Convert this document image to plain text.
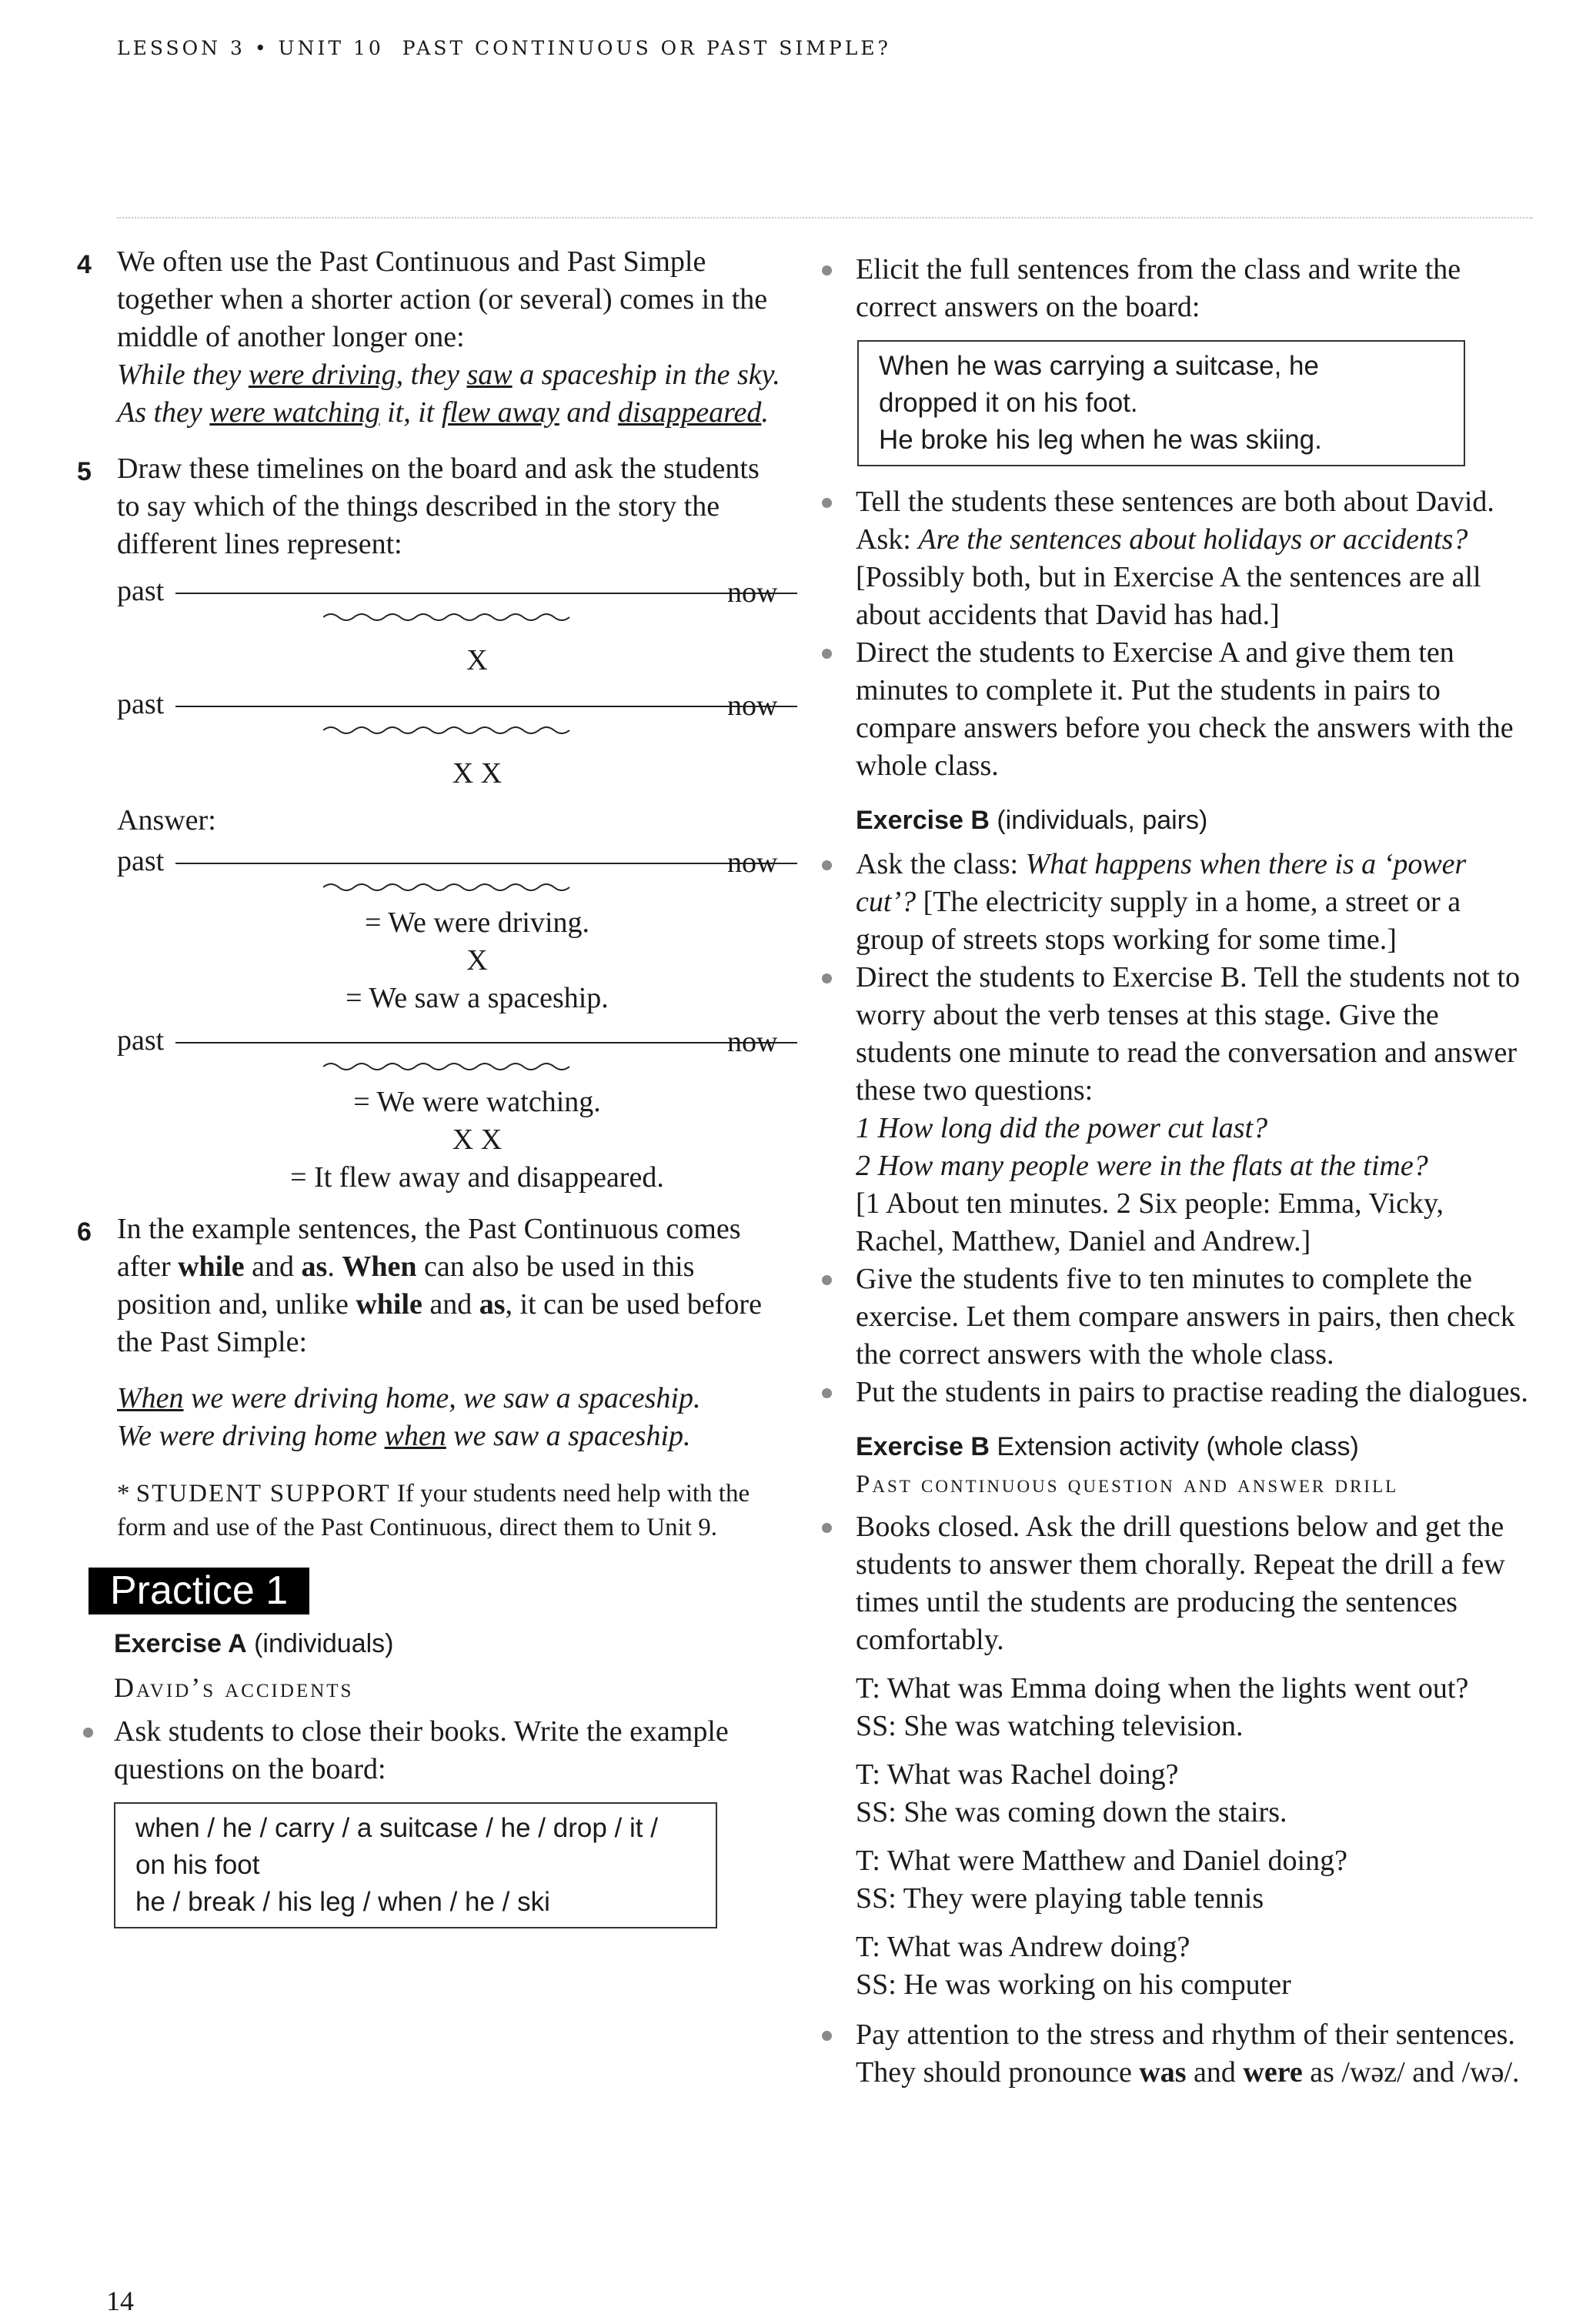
LESSON 3 • UNIT 10 PAST CONTINUOUS OR PAST SIMPLE?
4 We often use the Past Continuous and Past Simple together when a shorter action (or several) comes in the middle of another longer one:

While they were driving, they saw a spaceship in the sky.

As they were watching it, it flew away and disappeared.

5 Draw these timelines on the board and ask the students to say which of the things described in the story the different lines represent:

past	now
X
past	now
X X

Answer:

past	now
= We were driving.
X
= We saw a spaceship.
past	now
= We were watching.
X X
= It flew away and disappeared.
6 In the example sentences, the Past Continuous comes after while and as. When can also be used in this position and, unlike while and as, it can be used before the Past Simple:

When we were driving home, we saw a spaceship.

We were driving home when we saw a spaceship.

* STUDENT SUPPORT If your students need help with the form and use of the Past Continuous, direct them to Unit 9.

Practice 1
Exercise A (individuals)

David’s accidents

Ask students to close their books. Write the example questions on the board:

when / he / carry / a suitcase / he / drop / it /
on his foot
he / break / his leg / when / he / ski

Elicit the full sentences from the class and write the correct answers on the board:

When he was carrying a suitcase, he
dropped it on his foot.
He broke his leg when he was skiing.

Tell the students these sentences are both about David. Ask: Are the sentences about holidays or accidents? [Possibly both, but in Exercise A the sentences are all about accidents that David has had.]

Direct the students to Exercise A and give them ten minutes to complete it. Put the students in pairs to compare answers before you check the answers with the whole class.

Exercise B (individuals, pairs)

Ask the class: What happens when there is a ‘power cut’? [The electricity supply in a home, a street or a group of streets stops working for some time.]

Direct the students to Exercise B. Tell the students not to worry about the verb tenses at this stage. Give the students one minute to read the conversation and answer these two questions:

1 How long did the power cut last?

2 How many people were in the flats at the time?

[1 About ten minutes. 2 Six people: Emma, Vicky, Rachel, Matthew, Daniel and Andrew.]

Give the students five to ten minutes to complete the exercise. Let them compare answers in pairs, then check the correct answers with the whole class.

Put the students in pairs to practise reading the dialogues.

Exercise B Extension activity (whole class)

Past continuous question and answer drill

Books closed. Ask the drill questions below and get the students to answer them chorally. Repeat the drill a few times until the students are producing the sentences comfortably.

T: What was Emma doing when the lights went out?

SS: She was watching television.

T: What was Rachel doing?

SS: She was coming down the stairs.

T: What were Matthew and Daniel doing?

SS: They were playing table tennis

T: What was Andrew doing?

SS: He was working on his computer

Pay attention to the stress and rhythm of their sentences. They should pronounce was and were as /wəz/ and /wə/.

14
